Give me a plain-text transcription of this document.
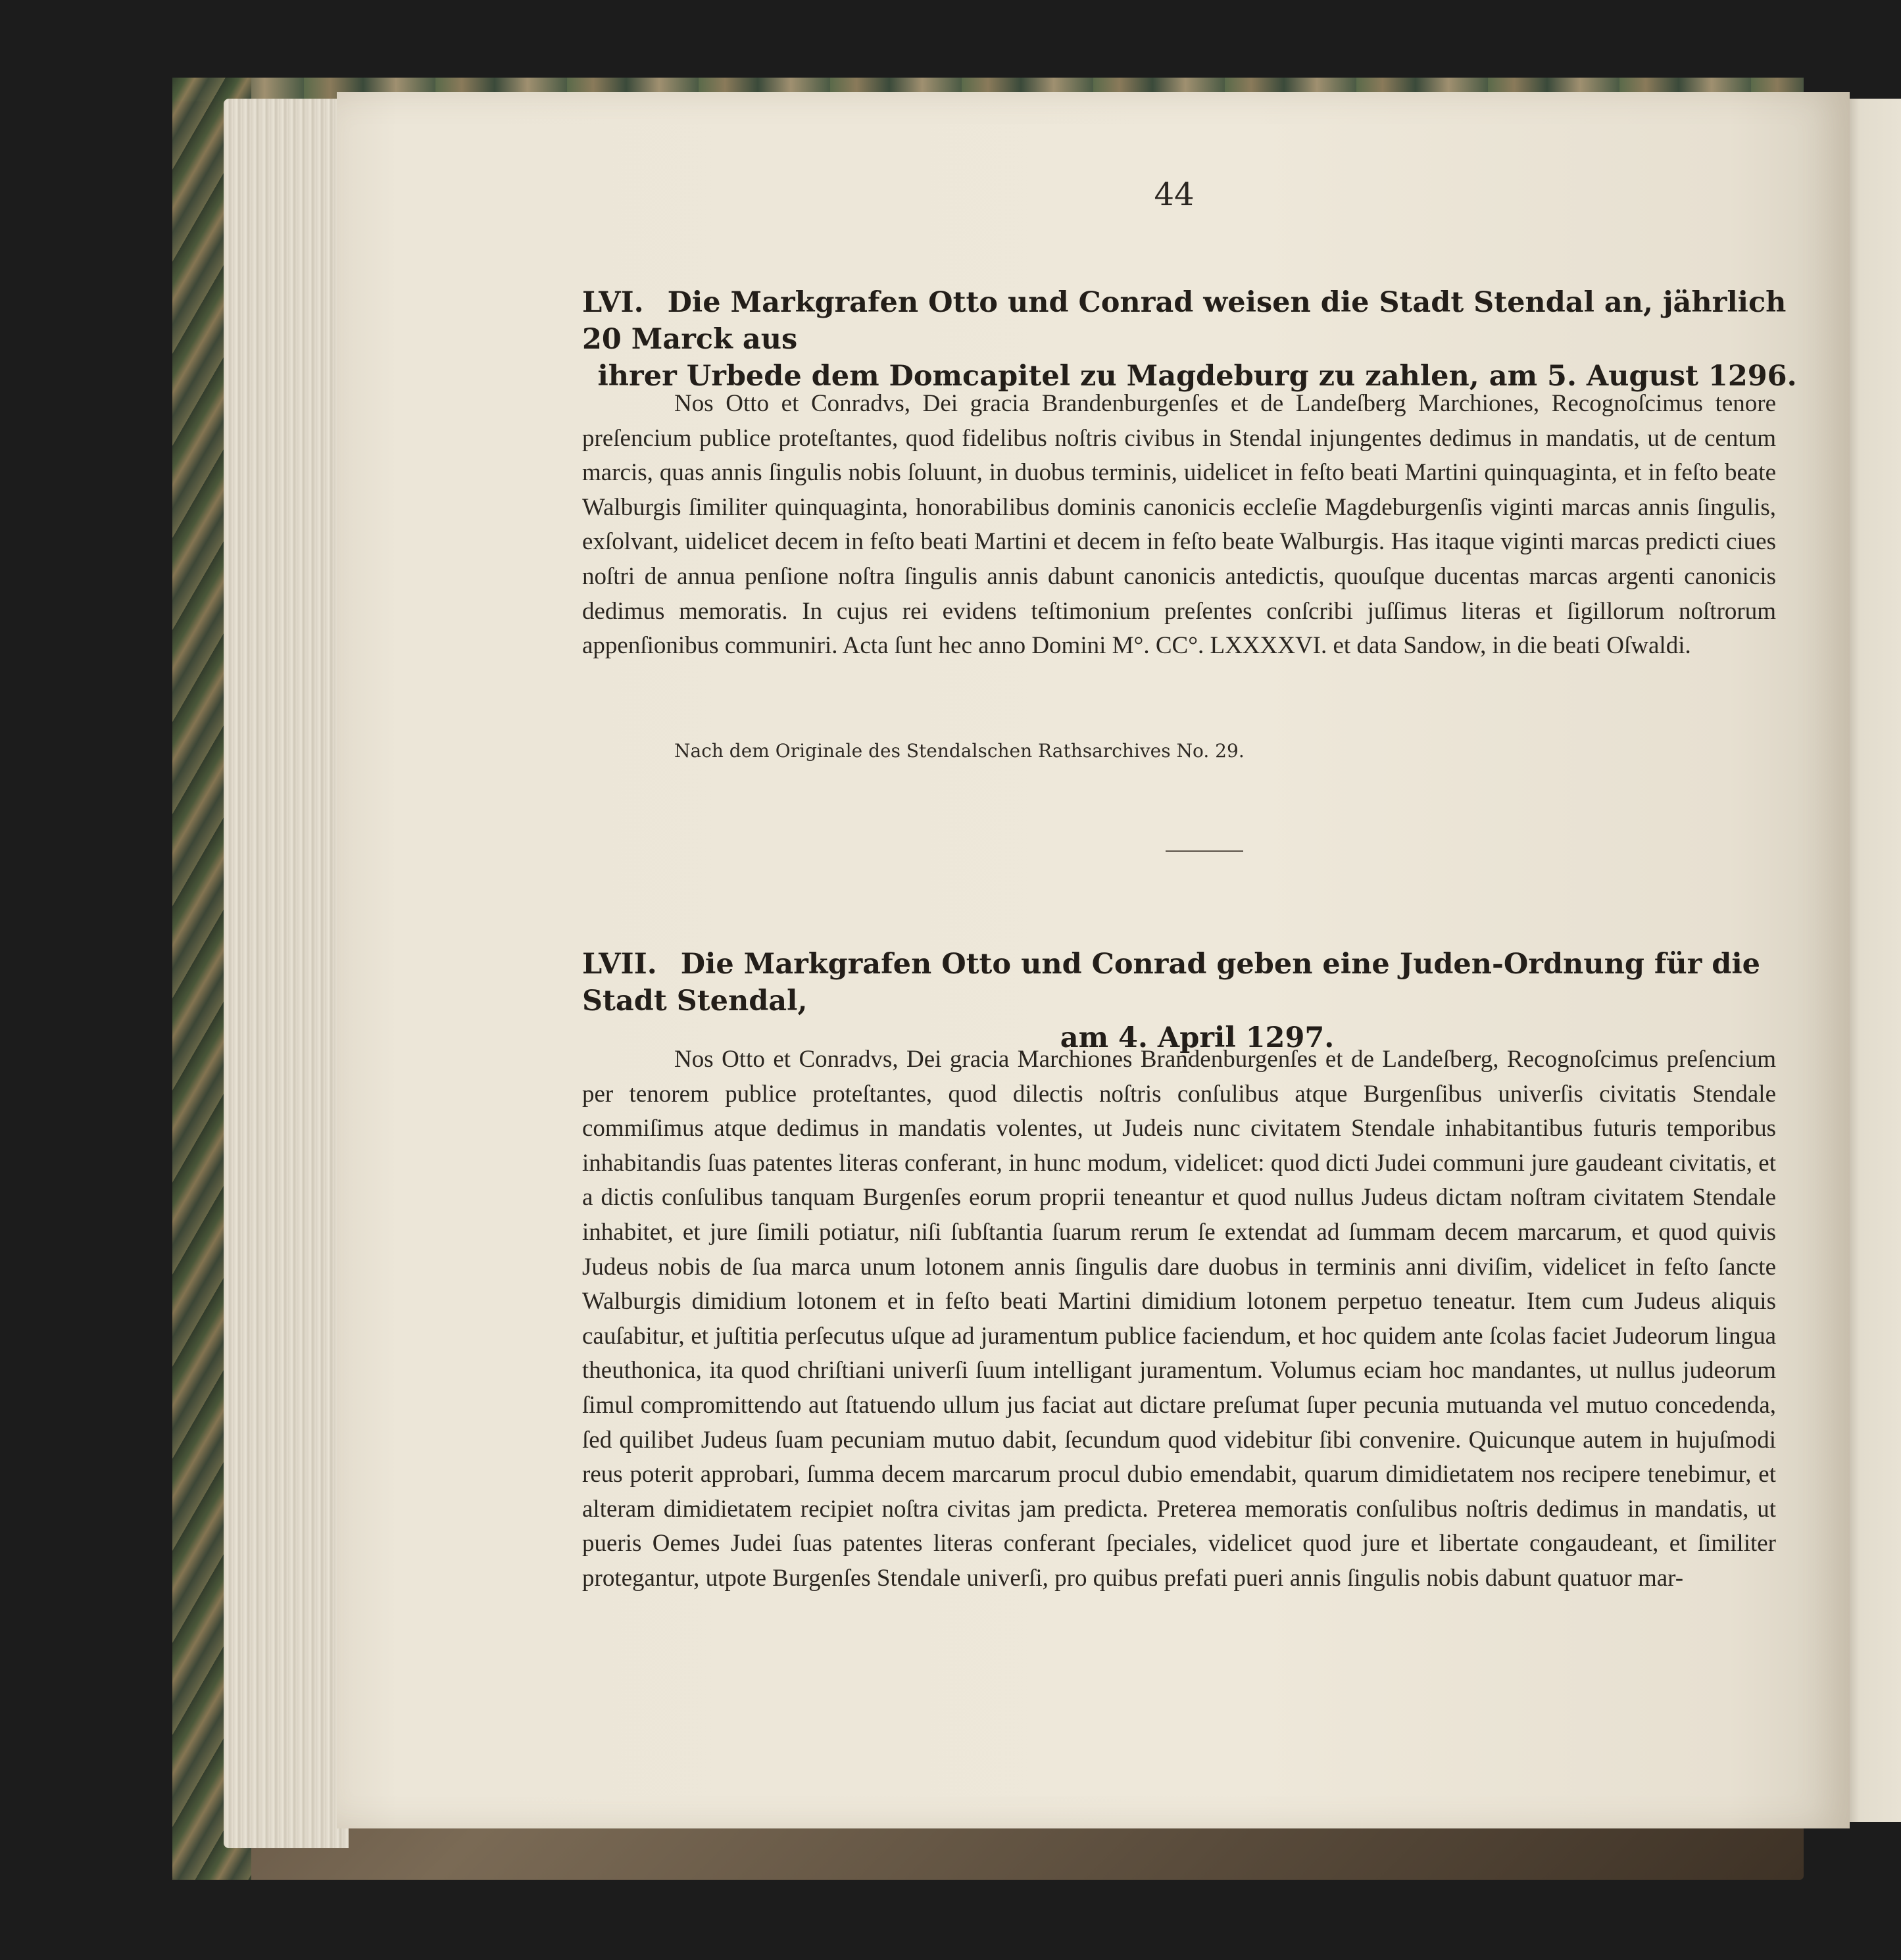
44
LVI. Die Markgrafen Otto und Conrad weisen die Stadt Stendal an, jährlich 20 Marck aus
ihrer Urbede dem Domcapitel zu Magdeburg zu zahlen, am 5. August 1296.

Nos Otto et Conradvs, Dei gracia Brandenburgenſes et de Landeſberg Marchiones, Recognoſcimus tenore preſencium publice proteſtantes, quod fidelibus noſtris civibus in Stendal injungentes dedimus in mandatis, ut de centum marcis, quas annis ſingulis nobis ſoluunt, in duobus terminis, uidelicet in feſto beati Martini quinquaginta, et in feſto beate Walburgis ſimiliter quinquaginta, honorabilibus dominis canonicis eccleſie Magdeburgenſis viginti marcas annis ſingulis, exſolvant, uidelicet decem in feſto beati Martini et decem in feſto beate Walburgis. Has itaque viginti marcas predicti ciues noſtri de annua penſione noſtra ſingulis annis dabunt canonicis antedictis, quouſque ducentas marcas argenti canonicis dedimus memoratis. In cujus rei evidens teſtimonium preſentes conſcribi juſſimus literas et ſigillorum noſtrorum appenſionibus communiri. Acta ſunt hec anno Domini M°. CC°. LXXXXVI. et data Sandow, in die beati Oſwaldi.

Nach dem Originale des Stendalschen Rathsarchives No. 29.
LVII. Die Markgrafen Otto und Conrad geben eine Juden-Ordnung für die Stadt Stendal,
am 4. April 1297.

Nos Otto et Conradvs, Dei gracia Marchiones Brandenburgenſes et de Landeſberg, Recognoſcimus preſencium per tenorem publice proteſtantes, quod dilectis noſtris conſulibus atque Burgenſibus univerſis civitatis Stendale commiſimus atque dedimus in mandatis volentes, ut Judeis nunc civitatem Stendale inhabitantibus futuris temporibus inhabitandis ſuas patentes literas conferant, in hunc modum, videlicet: quod dicti Judei communi jure gaudeant civitatis, et a dictis conſulibus tanquam Burgenſes eorum proprii teneantur et quod nullus Judeus dictam noſtram civitatem Stendale inhabitet, et jure ſimili potiatur, niſi ſubſtantia ſuarum rerum ſe extendat ad ſummam decem marcarum, et quod quivis Judeus nobis de ſua marca unum lotonem annis ſingulis dare duobus in terminis anni diviſim, videlicet in feſto ſancte Walburgis dimidium lotonem et in feſto beati Martini dimidium lotonem perpetuo teneatur. Item cum Judeus aliquis cauſabitur, et juſtitia perſecutus uſque ad juramentum publice faciendum, et hoc quidem ante ſcolas faciet Judeorum lingua theuthonica, ita quod chriſtiani univerſi ſuum intelligant juramentum. Volumus eciam hoc mandantes, ut nullus judeorum ſimul compromittendo aut ſtatuendo ullum jus faciat aut dictare preſumat ſuper pecunia mutuanda vel mutuo concedenda, ſed quilibet Judeus ſuam pecuniam mutuo dabit, ſecundum quod videbitur ſibi convenire. Quicunque autem in hujuſmodi reus poterit approbari, ſumma decem marcarum procul dubio emendabit, quarum dimidietatem nos recipere tenebimur, et alteram dimidietatem recipiet noſtra civitas jam predicta. Preterea memoratis conſulibus noſtris dedimus in mandatis, ut pueris Oemes Judei ſuas patentes literas conferant ſpeciales, videlicet quod jure et libertate congaudeant, et ſimiliter protegantur, utpote Burgenſes Stendale univerſi, pro quibus prefati pueri annis ſingulis nobis dabunt quatuor mar-
